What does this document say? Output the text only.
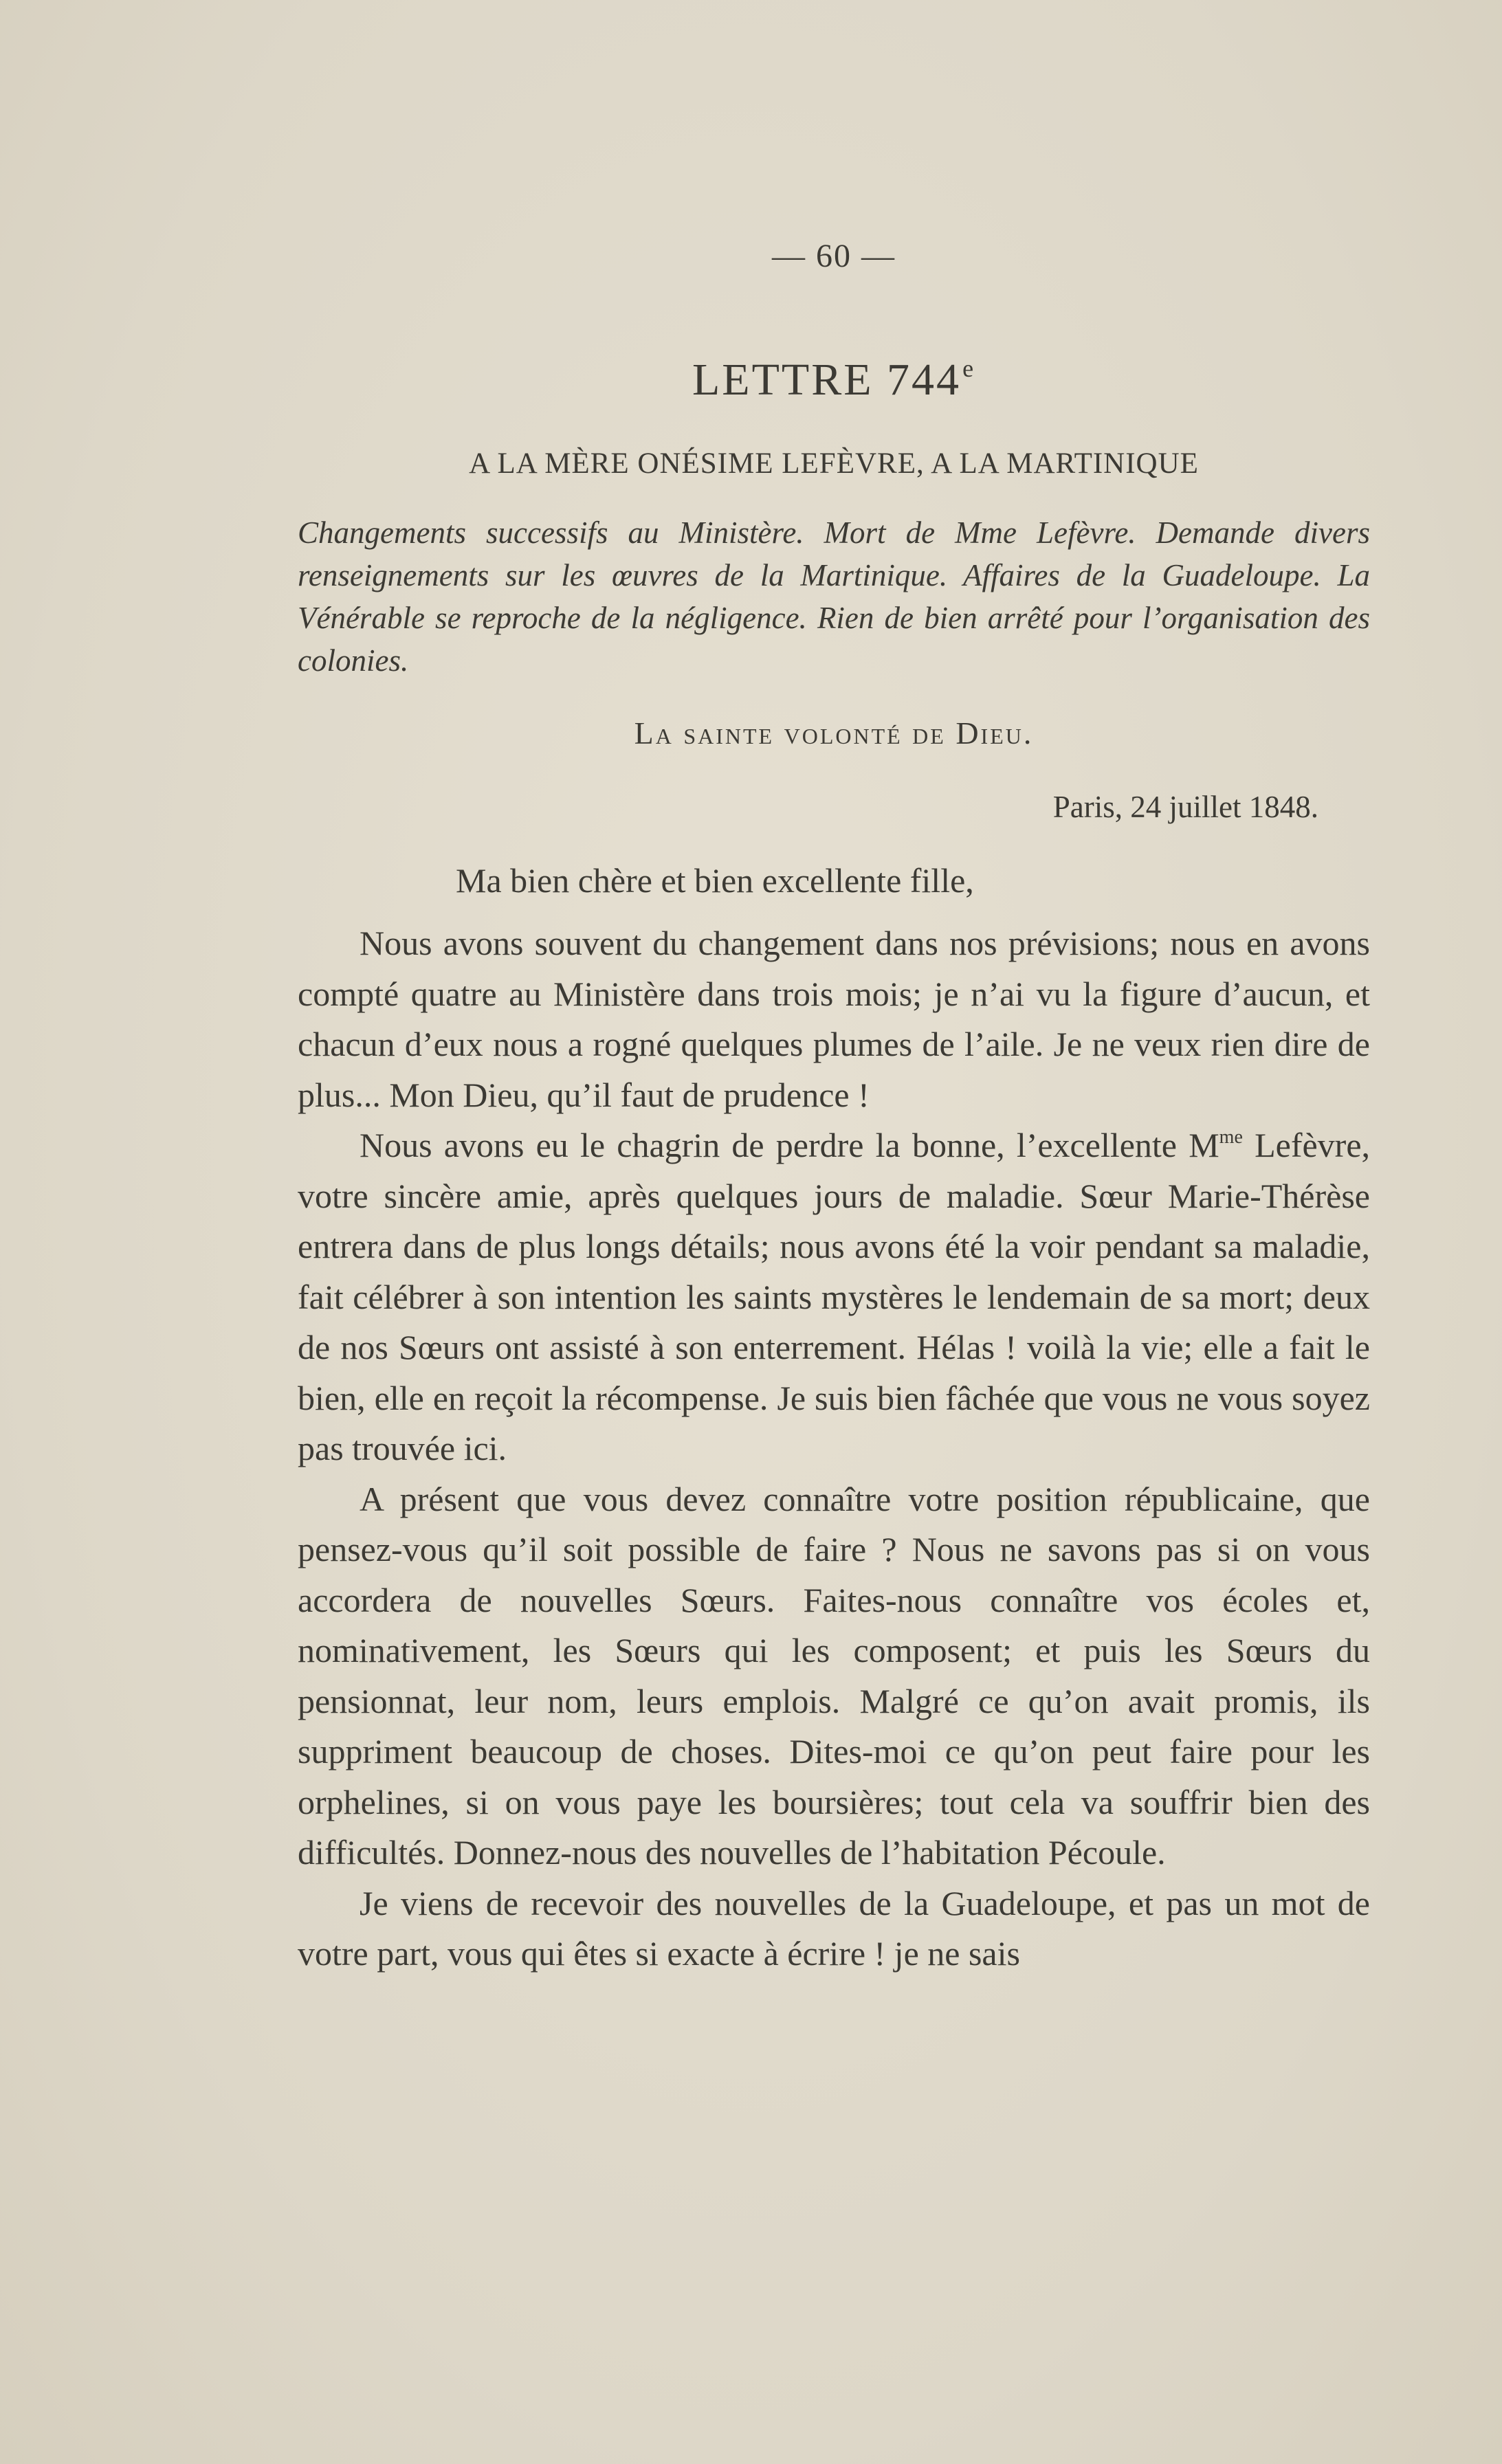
— 60 —
LETTRE 744e
A LA MÈRE ONÉSIME LEFÈVRE, A LA MARTINIQUE
Changements successifs au Ministère. Mort de Mme Lefèvre. Demande divers renseignements sur les œuvres de la Martinique. Affaires de la Guadeloupe. La Vénérable se reproche de la négligence. Rien de bien arrêté pour l’organisation des colonies.
La sainte volonté de Dieu.
Paris, 24 juillet 1848.
Ma bien chère et bien excellente fille,

Nous avons souvent du changement dans nos prévisions; nous en avons compté quatre au Ministère dans trois mois; je n’ai vu la figure d’aucun, et chacun d’eux nous a rogné quelques plumes de l’aile. Je ne veux rien dire de plus... Mon Dieu, qu’il faut de prudence !

Nous avons eu le chagrin de perdre la bonne, l’excellente $M^{me}$ Lefèvre, votre sincère amie, après quelques jours de maladie. Sœur Marie-Thérèse entrera dans de plus longs détails; nous avons été la voir pendant sa maladie, fait célébrer à son intention les saints mystères le lendemain de sa mort; deux de nos Sœurs ont assisté à son enterrement. Hélas ! voilà la vie; elle a fait le bien, elle en reçoit la récompense. Je suis bien fâchée que vous ne vous soyez pas trouvée ici.

A présent que vous devez connaître votre position républicaine, que pensez-vous qu’il soit possible de faire ? Nous ne savons pas si on vous accordera de nouvelles Sœurs. Faites-nous connaître vos écoles et, nominativement, les Sœurs qui les composent; et puis les Sœurs du pensionnat, leur nom, leurs emplois. Malgré ce qu’on avait promis, ils suppriment beaucoup de choses. Dites-moi ce qu’on peut faire pour les orphelines, si on vous paye les boursières; tout cela va souffrir bien des difficultés. Donnez-nous des nouvelles de l’habitation Pécoule.

Je viens de recevoir des nouvelles de la Guadeloupe, et pas un mot de votre part, vous qui êtes si exacte à écrire ! je ne sais
